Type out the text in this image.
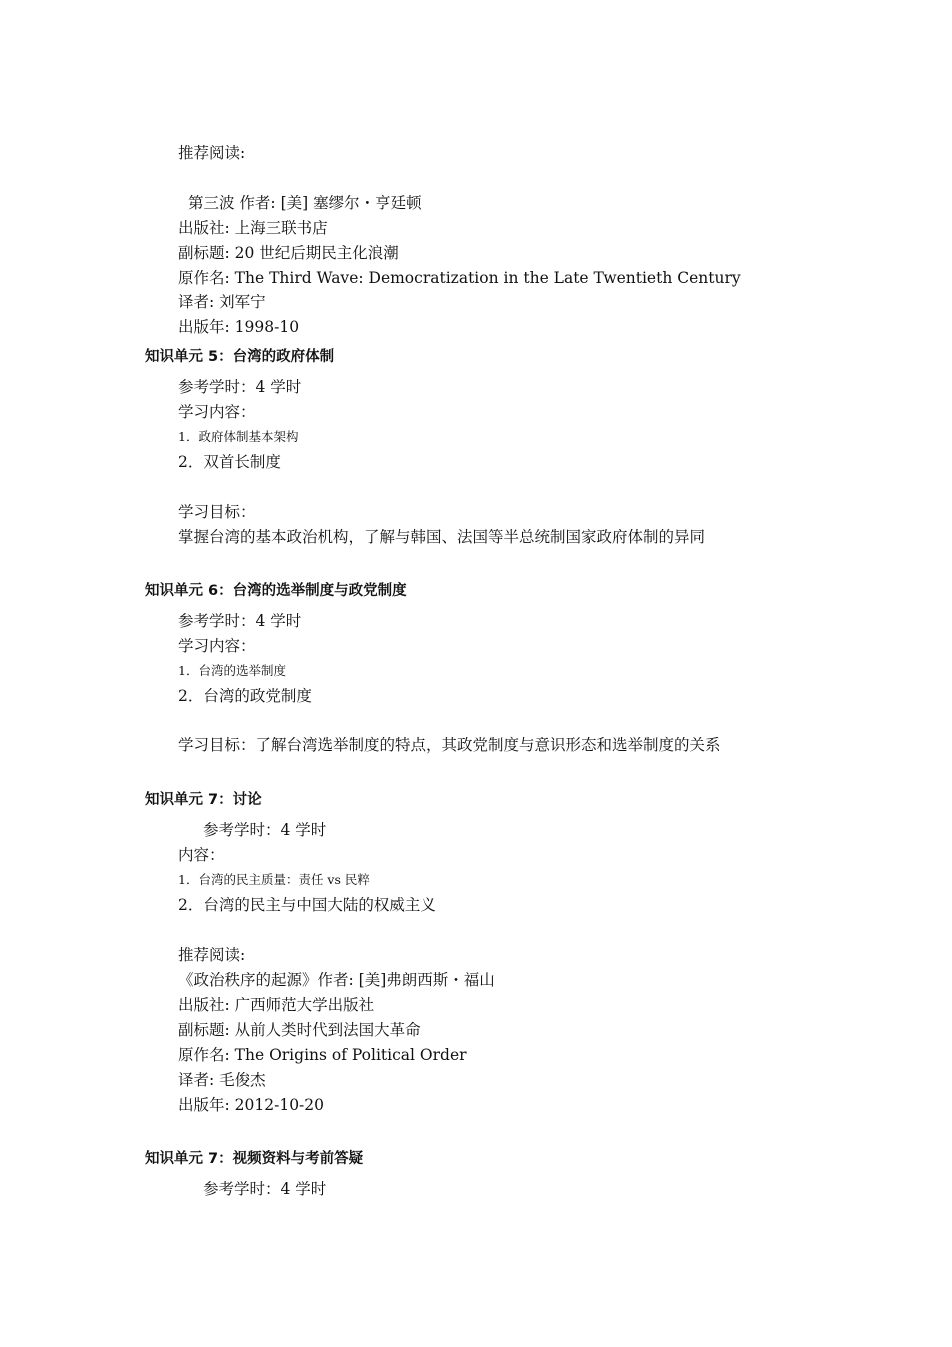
推荐阅读:
第三波 作者: [美] 塞缪尔・亨廷顿
出版社: 上海三联书店
副标题: 20 世纪后期民主化浪潮
原作名: The Third Wave: Democratization in the Late Twentieth Century
译者: 刘军宁
出版年: 1998-10
知识单元 5：台湾的政府体制
参考学时：4 学时
学习内容：
1．政府体制基本架构
2．双首长制度
学习目标：
掌握台湾的基本政治机构，了解与韩国、法国等半总统制国家政府体制的异同
知识单元 6：台湾的选举制度与政党制度
参考学时：4 学时
学习内容：
1．台湾的选举制度
2．台湾的政党制度
学习目标：了解台湾选举制度的特点，其政党制度与意识形态和选举制度的关系
知识单元 7：讨论
参考学时：4 学时
内容：
1．台湾的民主质量：责任 vs 民粹
2．台湾的民主与中国大陆的权威主义
推荐阅读:
《政治秩序的起源》作者: [美]弗朗西斯・福山
出版社: 广西师范大学出版社
副标题: 从前人类时代到法国大革命
原作名: The Origins of Political Order
译者: 毛俊杰
出版年: 2012-10-20
知识单元 7：视频资料与考前答疑
参考学时：4 学时
